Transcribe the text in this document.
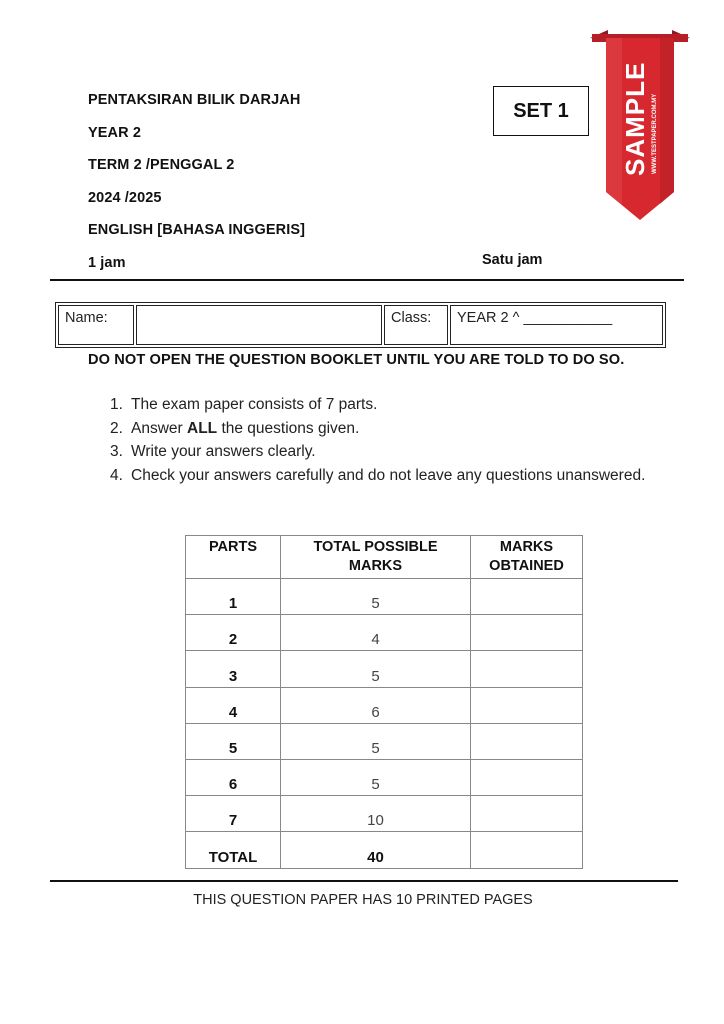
PENTAKSIRAN BILIK DARJAH
YEAR 2
TERM 2 /PENGGAL 2
2024 /2025
ENGLISH [BAHASA INGGERIS]
1 jam	Satu jam
SET 1	SAMPLE WWW.TESTPAPER.COM.MY
Name:		Class:	YEAR 2 ^ ___________
DO NOT OPEN THE QUESTION BOOKLET UNTIL YOU ARE TOLD TO DO SO.
1. The exam paper consists of 7 parts.
2. Answer ALL the questions given.
3. Write your answers clearly.
4. Check your answers carefully and do not leave any questions unanswered.
PARTS	TOTAL POSSIBLE MARKS	MARKS OBTAINED
1	5	
2	4	
3	5	
4	6	
5	5	
6	5	
7	10	
TOTAL	40	
THIS QUESTION PAPER HAS 10 PRINTED PAGES
